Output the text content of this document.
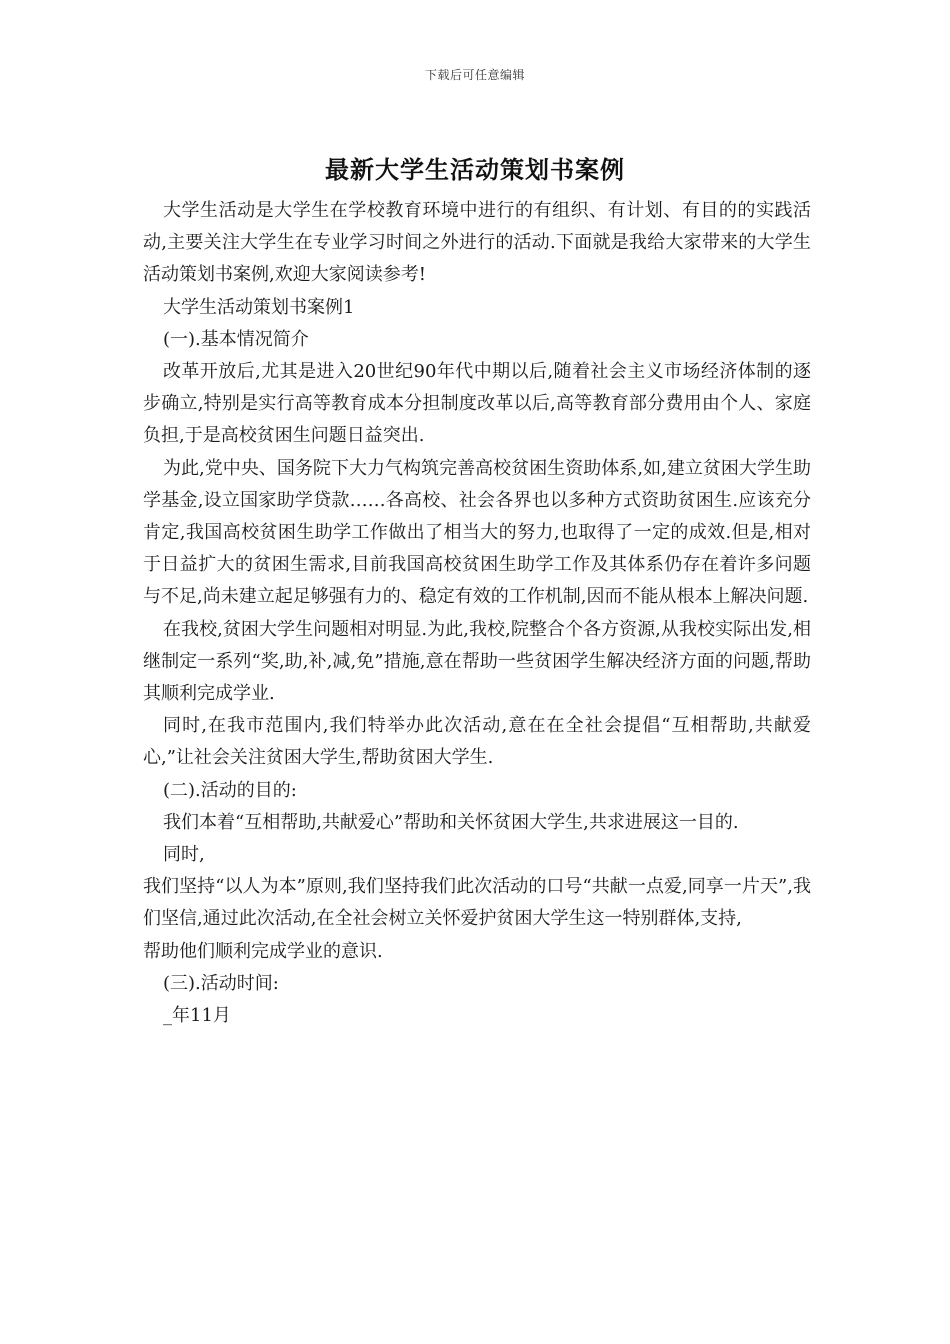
下载后可任意编辑
最新大学生活动策划书案例

大学生活动是大学生在学校教育环境中进行的有组织、有计划、有目的的实践活动,主要关注大学生在专业学习时间之外进行的活动.下面就是我给大家带来的大学生活动策划书案例,欢迎大家阅读参考!

大学生活动策划书案例1

(一).基本情况简介

改革开放后,尤其是进入20世纪90年代中期以后,随着社会主义市场经济体制的逐步确立,特别是实行高等教育成本分担制度改革以后,高等教育部分费用由个人、家庭负担,于是高校贫困生问题日益突出.

为此,党中央、国务院下大力气构筑完善高校贫困生资助体系,如,建立贫困大学生助学基金,设立国家助学贷款……各高校、社会各界也以多种方式资助贫困生.应该充分肯定,我国高校贫困生助学工作做出了相当大的努力,也取得了一定的成效.但是,相对于日益扩大的贫困生需求,目前我国高校贫困生助学工作及其体系仍存在着许多问题与不足,尚未建立起足够强有力的、稳定有效的工作机制,因而不能从根本上解决问题.

在我校,贫困大学生问题相对明显.为此,我校,院整合个各方资源,从我校实际出发,相继制定一系列“奖,助,补,减,免”措施,意在帮助一些贫困学生解决经济方面的问题,帮助其顺利完成学业.

同时,在我市范围内,我们特举办此次活动,意在在全社会提倡“互相帮助,共献爱心,”让社会关注贫困大学生,帮助贫困大学生.

(二).活动的目的:

我们本着“互相帮助,共献爱心”帮助和关怀贫困大学生,共求进展这一目的.

同时,

我们坚持“以人为本”原则,我们坚持我们此次活动的口号“共献一点爱,同享一片天”,我们坚信,通过此次活动,在全社会树立关怀爱护贫困大学生这一特别群体,支持,

帮助他们顺利完成学业的意识.

(三).活动时间:

_年11月
